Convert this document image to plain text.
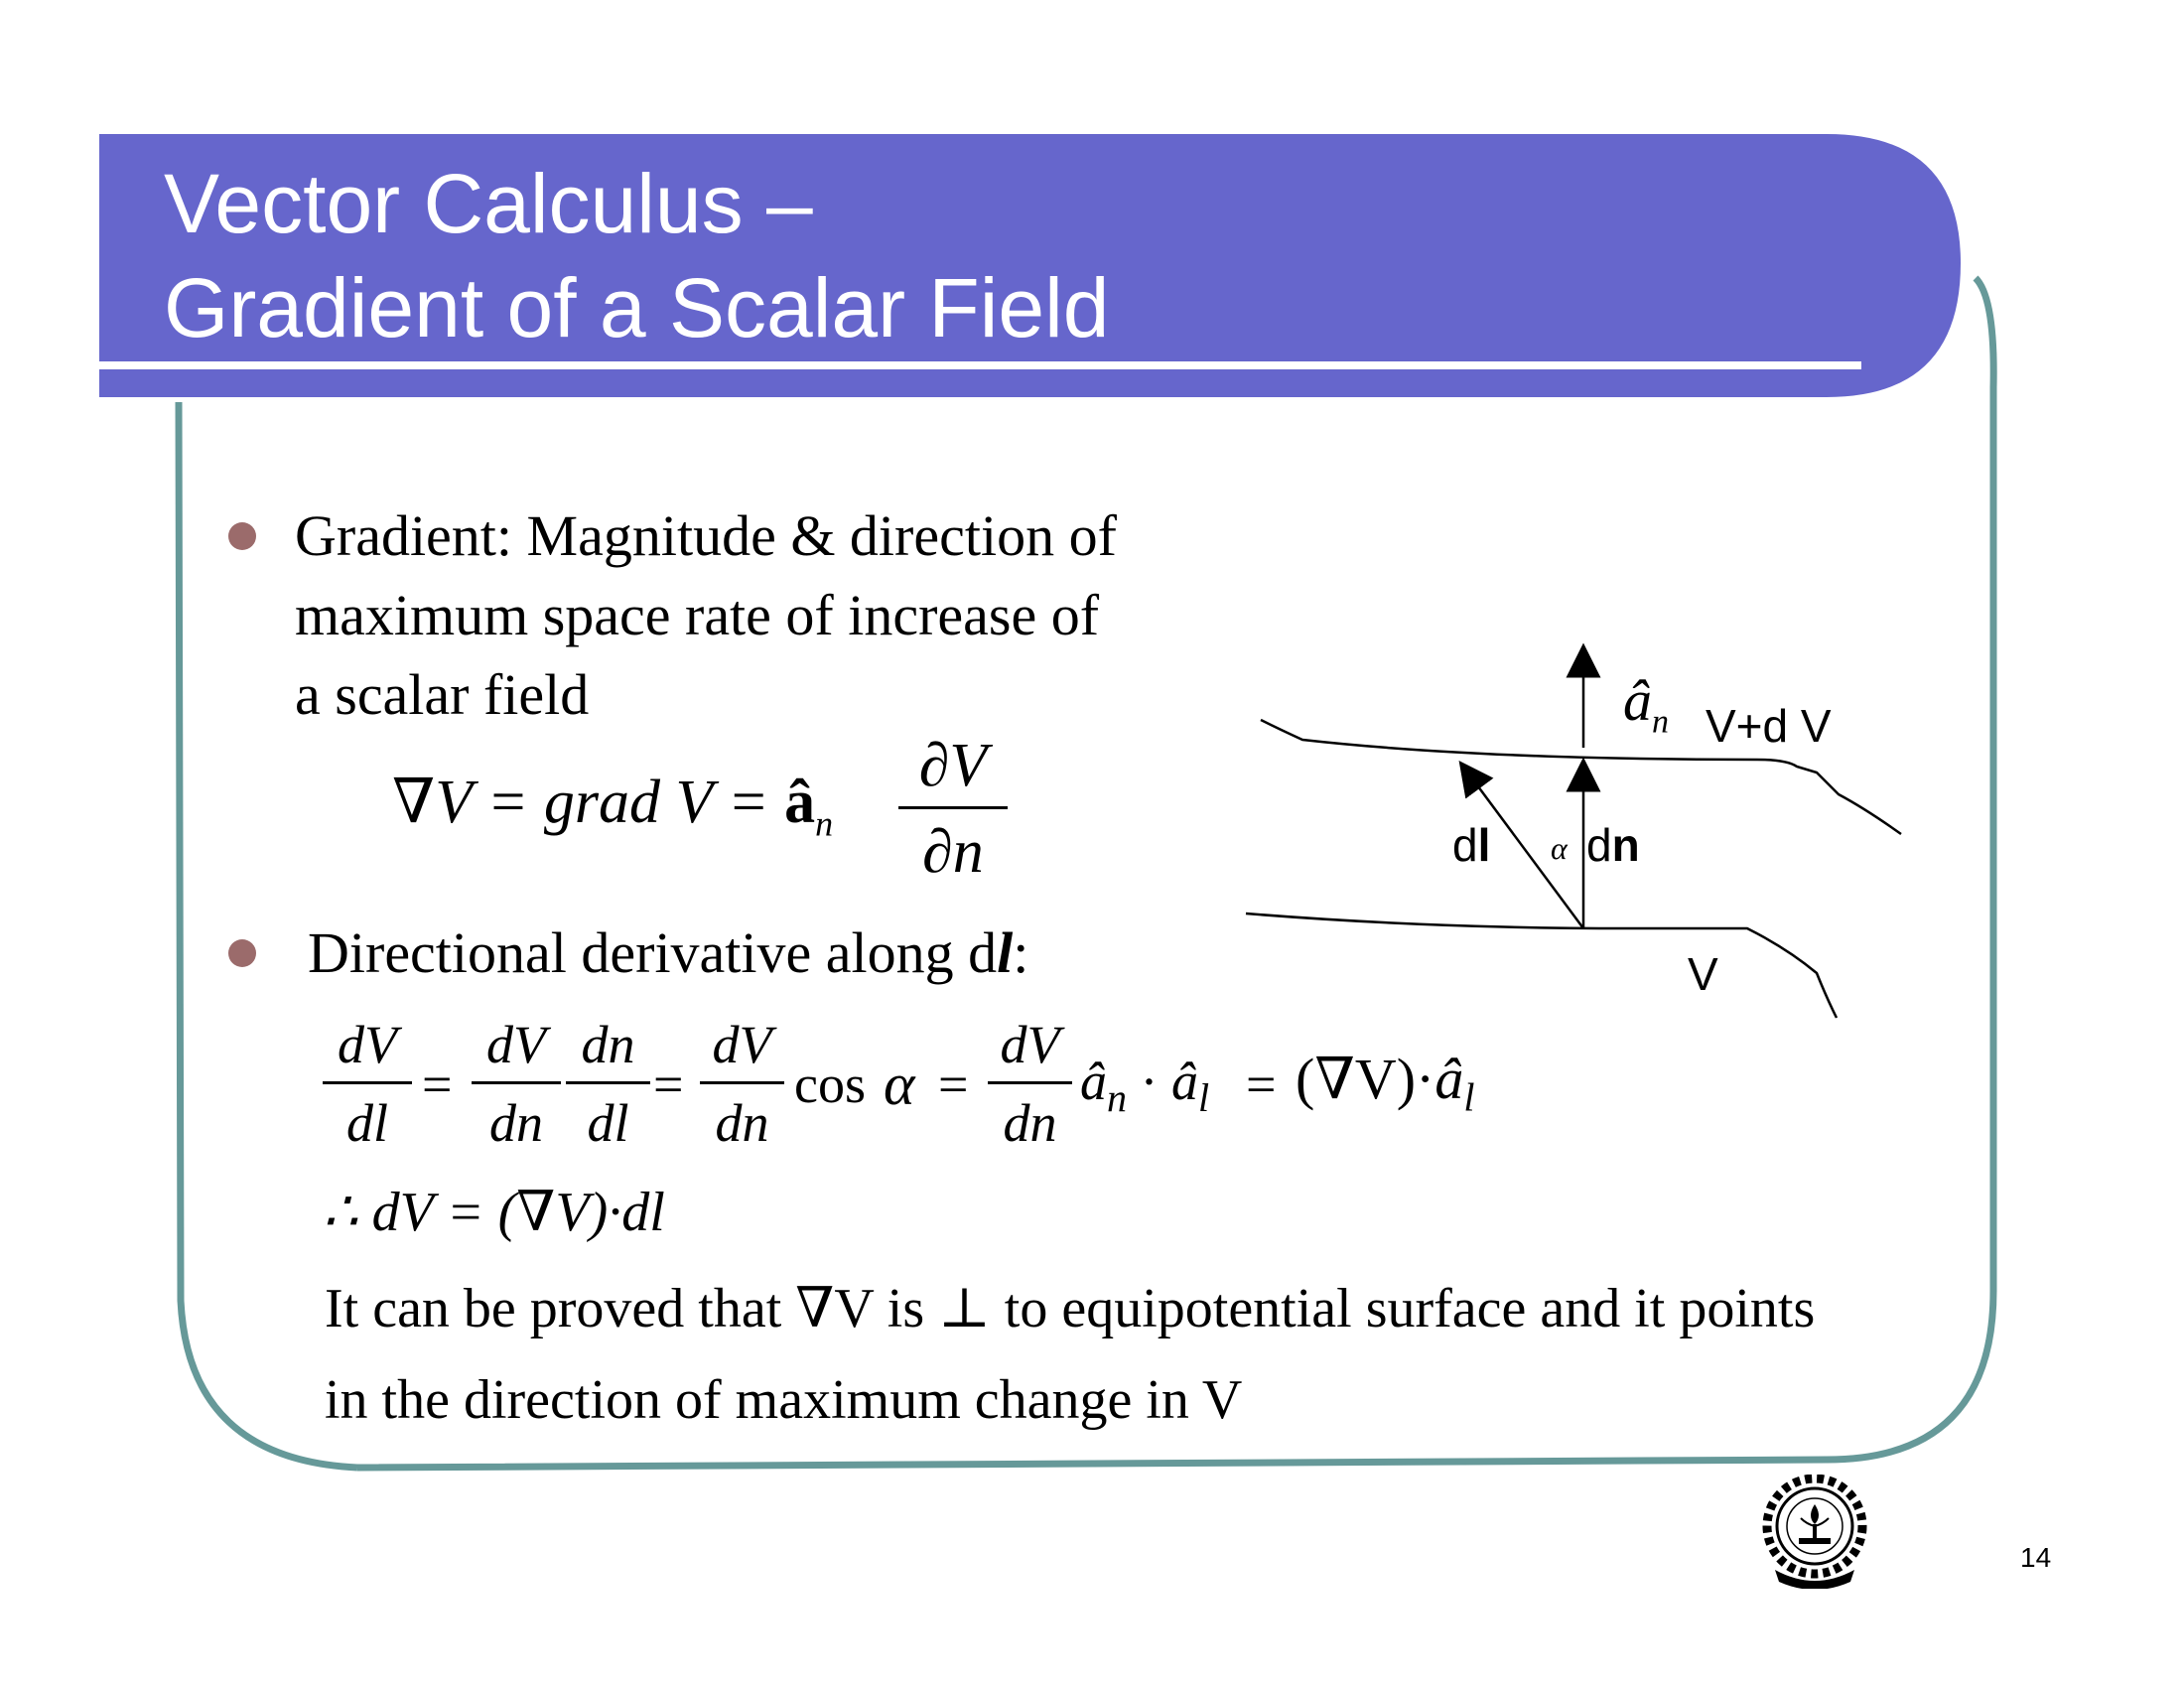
Vector Calculus –
Gradient of a Scalar Field
Gradient: Magnitude & direction of
maximum space rate of increase of
a scalar field
∇V = grad $V = â_n$
∂V
∂n
Directional derivative along dl:
dV
dl
=
dV
dn
dn
dl
=
dV
dn
cos α =
dV
dn
$â_n$ · $â_l$ = $(\nabla V)\cdot â_l$
∴ dV = (∇V)·dl
It can be proved that ∇V is ⊥ to equipotential surface and it points
in the direction of maximum change in V
$â_n$ V+d V
V
dl α dn
14
